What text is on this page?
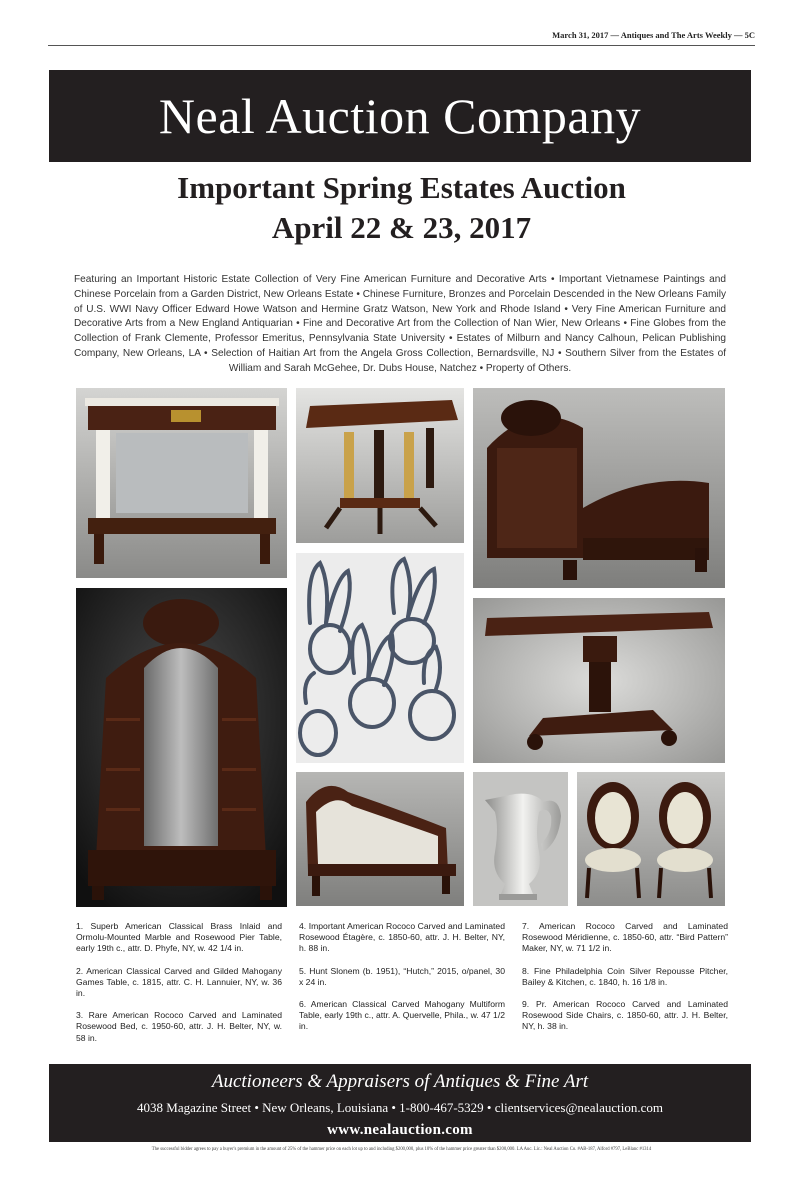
March 31, 2017 — Antiques and The Arts Weekly — 5C
Neal Auction Company
Important Spring Estates Auction
April 22 & 23, 2017

Featuring an Important Historic Estate Collection of Very Fine American Furniture and Decorative Arts • Important Vietnamese Paintings and Chinese Porcelain from a Garden District, New Orleans Estate • Chinese Furniture, Bronzes and Porcelain Descended in the New Orleans Family of U.S. WWI Navy Officer Edward Howe Watson and Hermine Gratz Watson, New York and Rhode Island • Very Fine American Furniture and Decorative Arts from a New England Antiquarian • Fine and Decorative Art from the Collection of Nan Wier, New Orleans • Fine Globes from the Collection of Frank Clemente, Professor Emeritus, Pennsylvania State University • Estates of Milburn and Nancy Calhoun, Pelican Publishing Company, New Orleans, LA • Selection of Haitian Art from the Angela Gross Collection, Bernardsville, NJ • Southern Silver from the Estates of William and Sarah McGehee, Dr. Dubs House, Natchez • Property of Others.

1. Superb American Classical Brass Inlaid and Ormolu-Mounted Marble and Rosewood Pier Table, early 19th c., attr. D. Phyfe, NY, w. 42 1/4 in.

2. American Classical Carved and Gilded Mahogany Games Table, c. 1815, attr. C. H. Lannuier, NY, w. 36 in.

3. Rare American Rococo Carved and Laminated Rosewood Bed, c. 1950-60, attr. J. H. Belter, NY, w. 58 in.

4. Important American Rococo Carved and Laminated Rosewood Étagère, c. 1850-60, attr. J. H. Belter, NY, h. 88 in.

5. Hunt Slonem (b. 1951), “Hutch,” 2015, o/panel, 30 x 24 in.

6. American Classical Carved Mahogany Multiform Table, early 19th c., attr. A. Quervelle, Phila., w. 47 1/2 in.

7. American Rococo Carved and Laminated Rosewood Méridienne, c. 1850-60, attr. “Bird Pattern” Maker, NY, w. 71 1/2 in.

8. Fine Philadelphia Coin Silver Repousse Pitcher, Bailey & Kitchen, c. 1840, h. 16 1/8 in.

9. Pr. American Rococo Carved and Laminated Rosewood Side Chairs, c. 1850-60, attr. J. H. Belter, NY, h. 38 in.

Auctioneers & Appraisers of Antiques & Fine Art
4038 Magazine Street • New Orleans, Louisiana • 1-800-467-5329 • clientservices@nealauction.com
www.nealauction.com
The successful bidder agrees to pay a buyer's premium in the amount of 25% of the hammer price on each lot up to and including $200,000, plus 10% of the hammer price greater than $200,000. LA Auc. Lic.: Neal Auction Co. #AB-187, Alford #797, LeBlanc #1314
